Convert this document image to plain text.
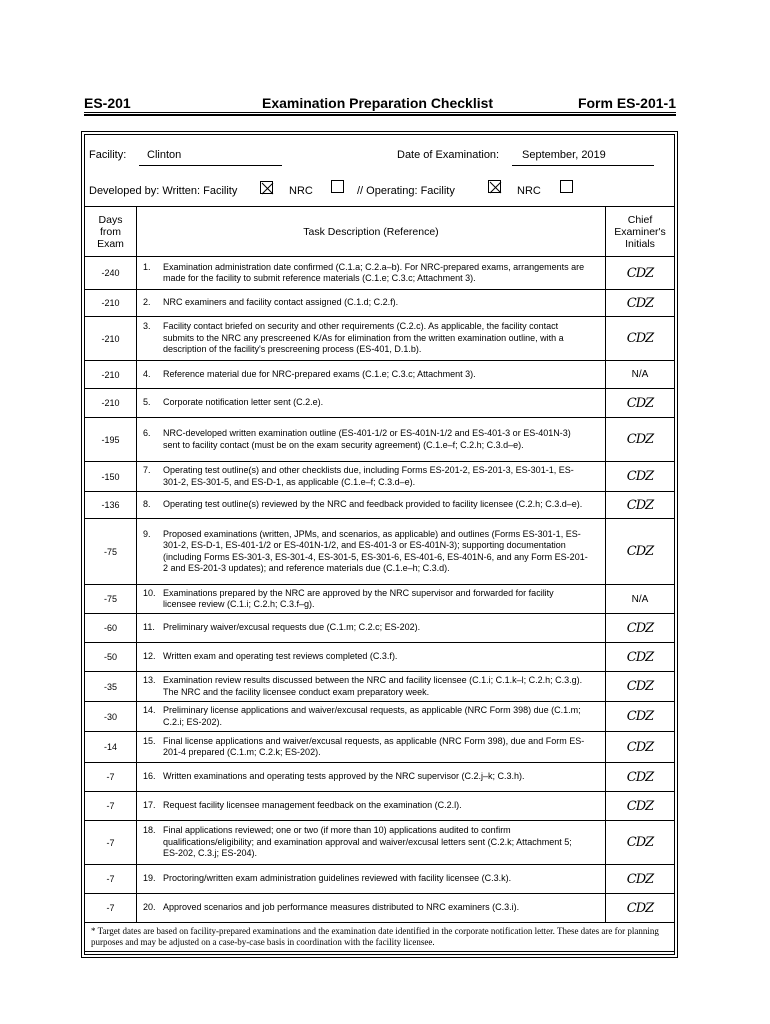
ES-201	Examination Preparation Checklist	Form ES-201-1
Facility: Clinton	Date of Examination: September, 2019
Developed by: Written: Facility	NRC	// Operating: Facility	NRC
Days from Exam	Task Description (Reference)	Chief Examiner's Initials

-240	1. Examination administration date confirmed (C.1.a; C.2.a–b). For NRC-prepared exams, arrangements are made for the facility to submit reference materials (C.1.e; C.3.c; Attachment 3).	CDZ
-210	2. NRC examiners and facility contact assigned (C.1.d; C.2.f).	CDZ
-210	3. Facility contact briefed on security and other requirements (C.2.c). As applicable, the facility contact submits to the NRC any prescreened K/As for elimination from the written examination outline, with a description of the facility's prescreening process (ES-401, D.1.b).	CDZ
-210	4. Reference material due for NRC-prepared exams (C.1.e; C.3.c; Attachment 3).	N/A
-210	5. Corporate notification letter sent (C.2.e).	CDZ
-195	6. NRC-developed written examination outline (ES-401-1/2 or ES-401N-1/2 and ES-401-3 or ES-401N-3) sent to facility contact (must be on the exam security agreement) (C.1.e–f; C.2.h; C.3.d–e).	CDZ
-150	7. Operating test outline(s) and other checklists due, including Forms ES-201-2, ES-201-3, ES-301-1, ES-301-2, ES-301-5, and ES-D-1, as applicable (C.1.e–f; C.3.d–e).	CDZ
-136	8. Operating test outline(s) reviewed by the NRC and feedback provided to facility licensee (C.2.h; C.3.d–e).	CDZ
-75	9. Proposed examinations (written, JPMs, and scenarios, as applicable) and outlines (Forms ES-301-1, ES-301-2, ES-D-1, ES-401-1/2 or ES-401N-1/2, and ES-401-3 or ES-401N-3); supporting documentation (including Forms ES-301-3, ES-301-4, ES-301-5, ES-301-6, ES-401-6, ES-401N-6, and any Form ES-201-2 and ES-201-3 updates); and reference materials due (C.1.e–h; C.3.d).	CDZ
-75	10. Examinations prepared by the NRC are approved by the NRC supervisor and forwarded for facility licensee review (C.1.i; C.2.h; C.3.f–g).	N/A
-60	11. Preliminary waiver/excusal requests due (C.1.m; C.2.c; ES-202).	CDZ
-50	12. Written exam and operating test reviews completed (C.3.f).	CDZ
-35	13. Examination review results discussed between the NRC and facility licensee (C.1.i; C.1.k–l; C.2.h; C.3.g). The NRC and the facility licensee conduct exam preparatory week.	CDZ
-30	14. Preliminary license applications and waiver/excusal requests, as applicable (NRC Form 398) due (C.1.m; C.2.i; ES-202).	CDZ
-14	15. Final license applications and waiver/excusal requests, as applicable (NRC Form 398), due and Form ES-201-4 prepared (C.1.m; C.2.k; ES-202).	CDZ
-7	16. Written examinations and operating tests approved by the NRC supervisor (C.2.j–k; C.3.h).	CDZ
-7	17. Request facility licensee management feedback on the examination (C.2.l).	CDZ
-7	18. Final applications reviewed; one or two (if more than 10) applications audited to confirm qualifications/eligibility; and examination approval and waiver/excusal letters sent (C.2.k; Attachment 5; ES-202, C.3.j; ES-204).	CDZ
-7	19. Proctoring/written exam administration guidelines reviewed with facility licensee (C.3.k).	CDZ
-7	20. Approved scenarios and job performance measures distributed to NRC examiners (C.3.i).	CDZ
* Target dates are based on facility-prepared examinations and the examination date identified in the corporate notification letter. These dates are for planning purposes and may be adjusted on a case-by-case basis in coordination with the facility licensee.		
